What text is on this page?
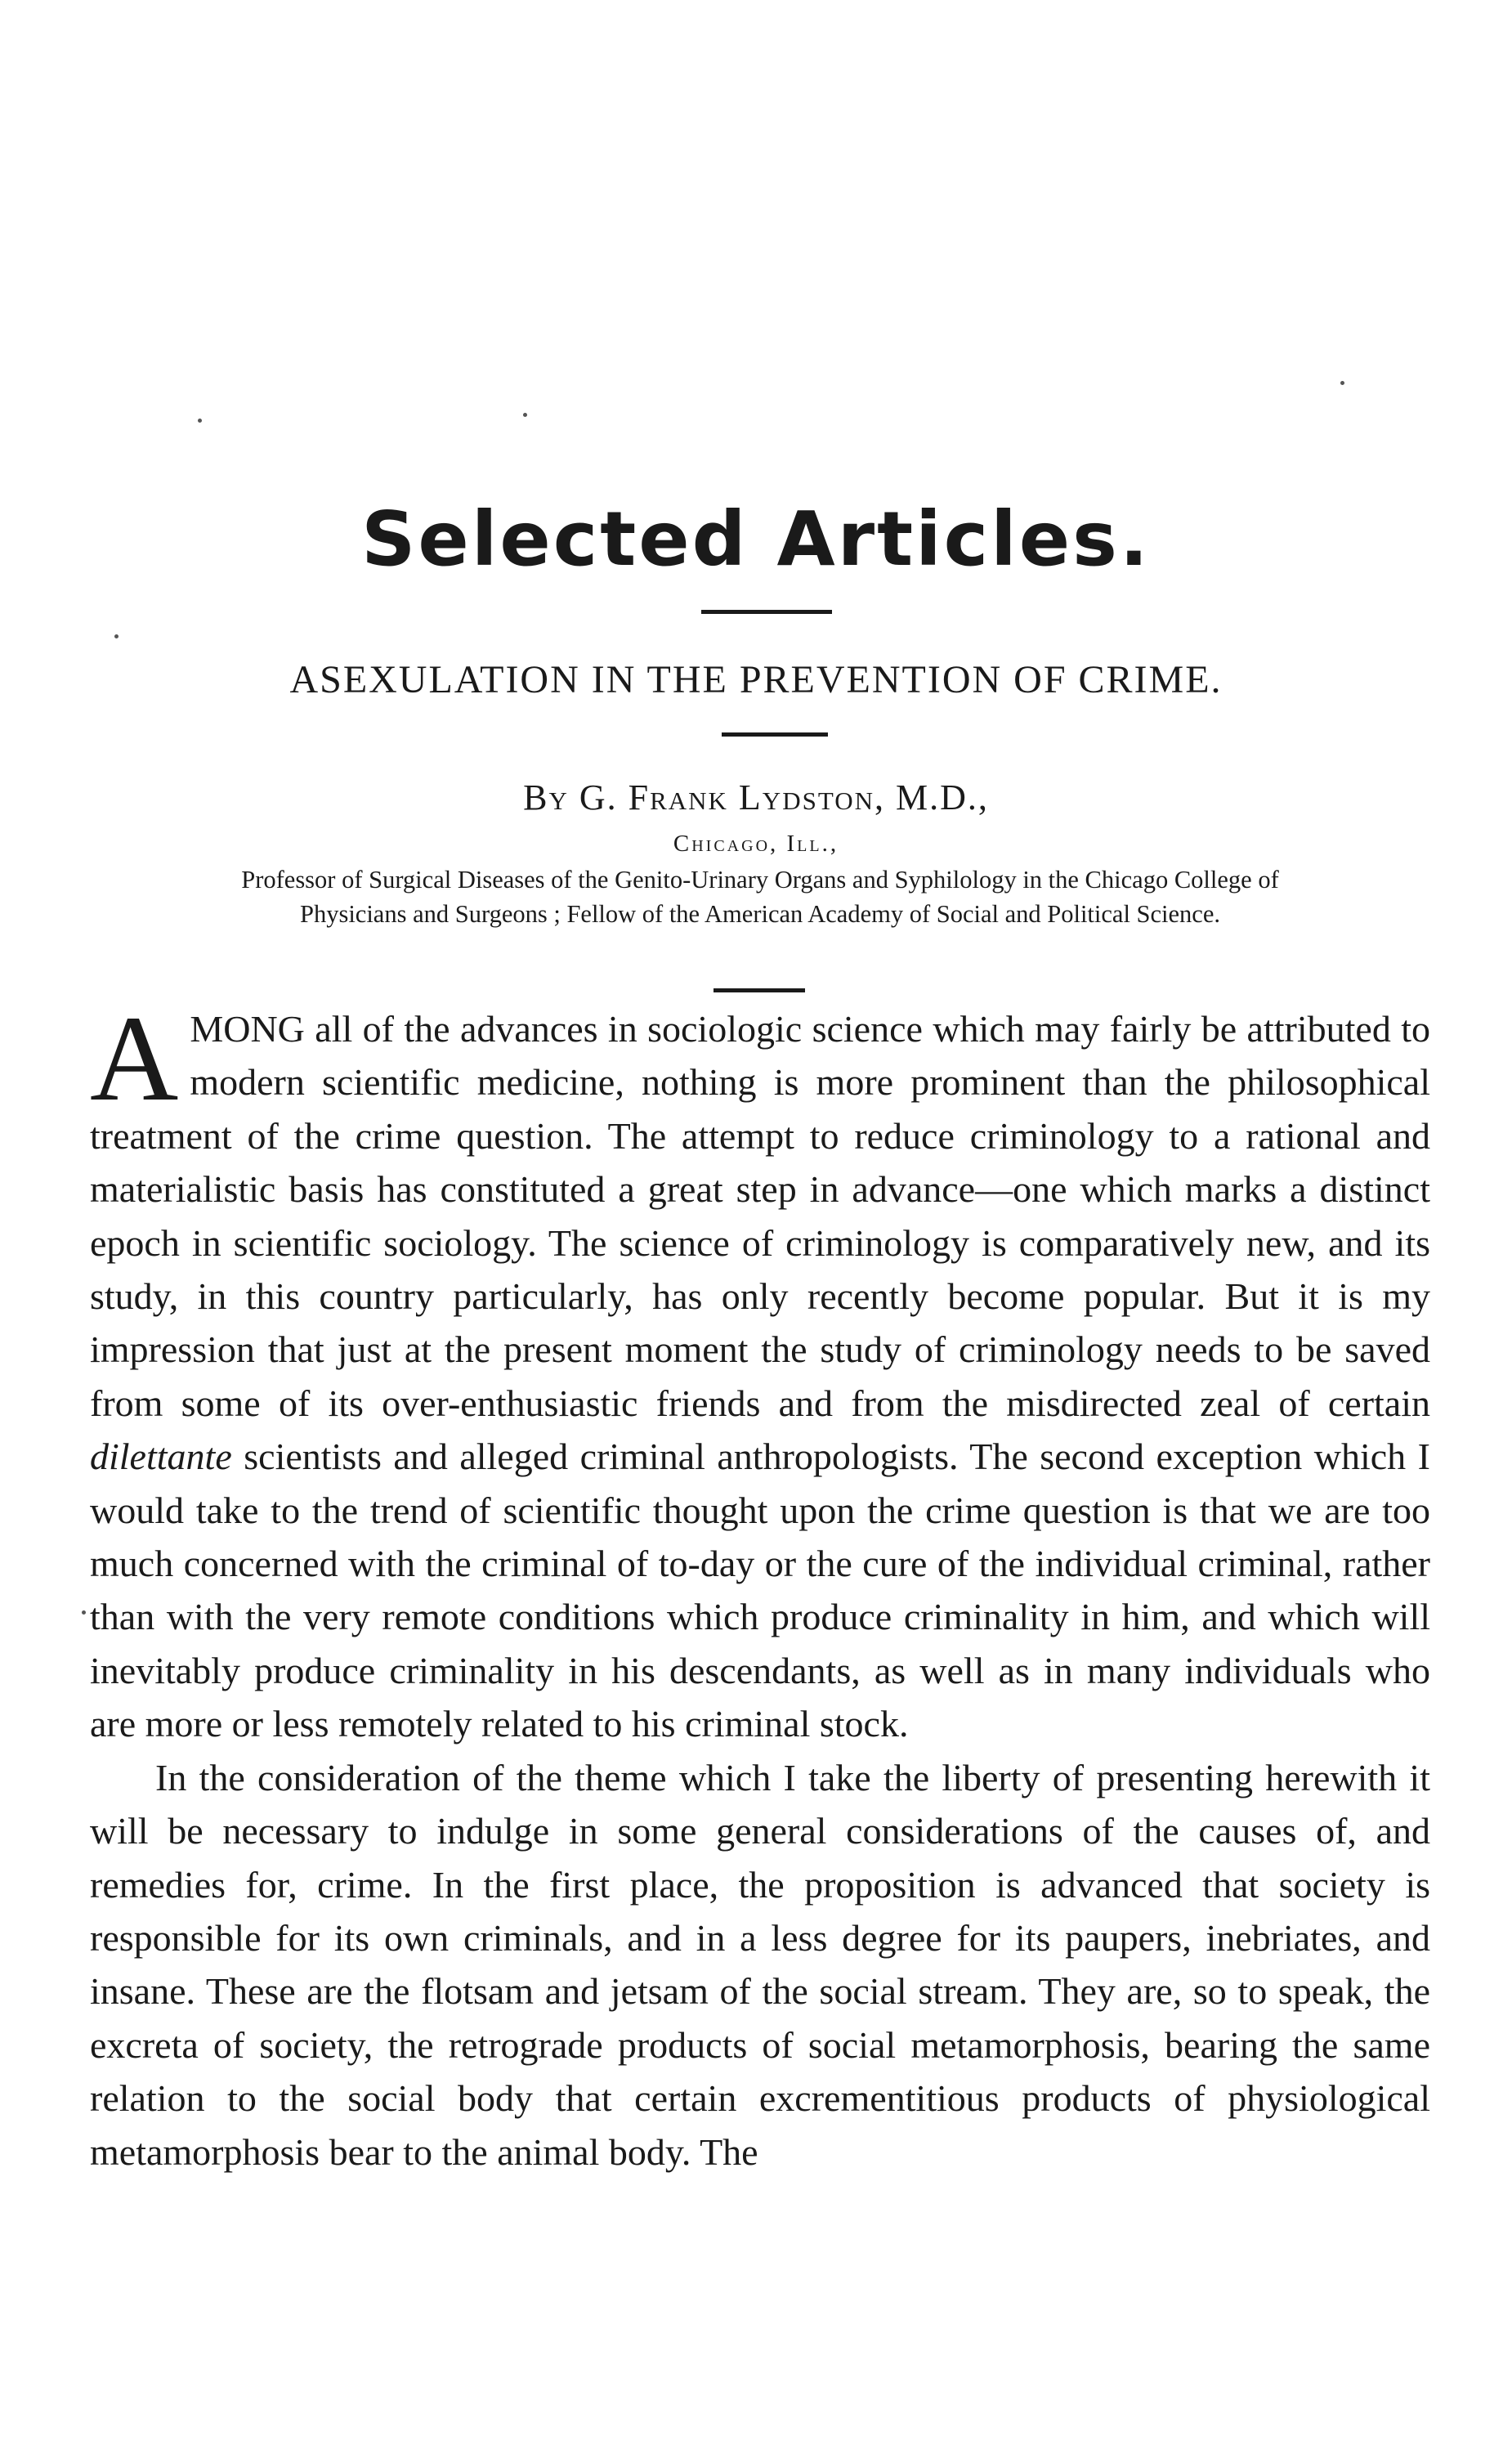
Selected Articles.
ASEXULATION IN THE PREVENTION OF CRIME.
By G. Frank Lydston, M.D.,
Chicago, Ill.,
Professor of Surgical Diseases of the Genito-Urinary Organs and Syphilology in the Chicago College of Physicians and Surgeons ; Fellow of the American Academy of Social and Political Science.

AMONG all of the advances in sociologic science which may fairly be attributed to modern scientific medicine, nothing is more prominent than the philosophical treatment of the crime question. The attempt to reduce criminology to a rational and materialistic basis has constituted a great step in advance—one which marks a distinct epoch in scientific sociology. The science of criminology is comparatively new, and its study, in this country particularly, has only recently become popular. But it is my impression that just at the present moment the study of criminology needs to be saved from some of its over-enthusiastic friends and from the misdirected zeal of certain dilettante scientists and alleged criminal anthropologists. The second exception which I would take to the trend of scientific thought upon the crime question is that we are too much concerned with the criminal of to-day or the cure of the individual criminal, rather than with the very remote conditions which produce criminality in him, and which will inevitably produce criminality in his descendants, as well as in many individuals who are more or less remotely related to his criminal stock.

In the consideration of the theme which I take the liberty of presenting herewith it will be necessary to indulge in some general considerations of the causes of, and remedies for, crime. In the first place, the proposition is advanced that society is responsible for its own criminals, and in a less degree for its paupers, inebriates, and insane. These are the flotsam and jetsam of the social stream. They are, so to speak, the excreta of society, the retrograde products of social metamorphosis, bearing the same relation to the social body that certain excrementitious products of physiological metamorphosis bear to the animal body. The
